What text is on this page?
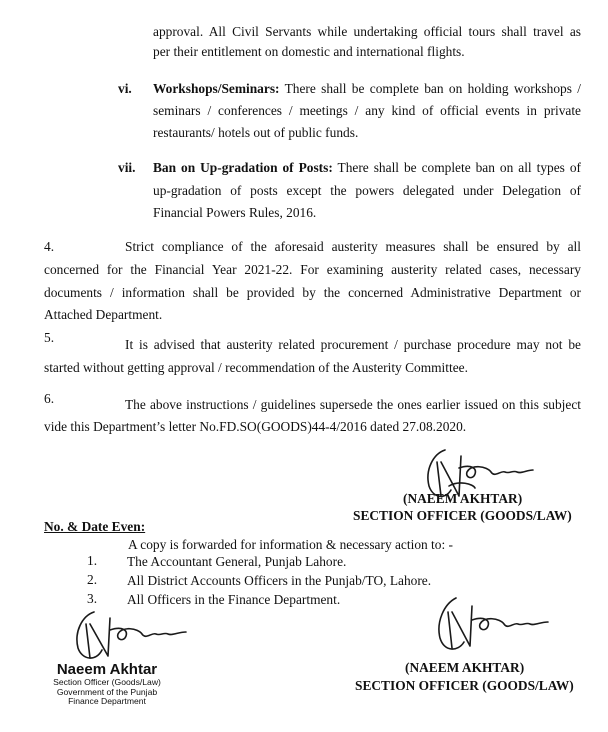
approval. All Civil Servants while undertaking official tours shall travel as
per their entitlement on domestic and international flights.
vi. Workshops/Seminars: There shall be complete ban on holding workshops /
seminars / conferences / meetings / any kind of official events in private
restaurants/ hotels out of public funds.
vii. Ban on Up-gradation of Posts: There shall be complete ban on all types of
up-gradation of posts except the powers delegated under Delegation of
Financial Powers Rules, 2016.
4.	Strict compliance of the aforesaid austerity measures shall be ensured by all
concerned for the Financial Year 2021-22. For examining austerity related cases, necessary
documents / information shall be provided by the concerned Administrative Department or
Attached Department.
5.	It is advised that austerity related procurement / purchase procedure may not be
started without getting approval / recommendation of the Austerity Committee.
6.	The above instructions / guidelines supersede the ones earlier issued on this subject
vide this Department’s letter No.FD.SO(GOODS)44-4/2016 dated 27.08.2020.
(NAEEM AKHTAR)
SECTION OFFICER (GOODS/LAW)
No. & Date Even:
A copy is forwarded for information & necessary action to: -
1. The Accountant General, Punjab Lahore.
2. All District Accounts Officers in the Punjab/TO, Lahore.
3. All Officers in the Finance Department.
Naeem Akhtar
Section Officer (Goods/Law)
Government of the Punjab
Finance Department
(NAEEM AKHTAR)
SECTION OFFICER (GOODS/LAW)
